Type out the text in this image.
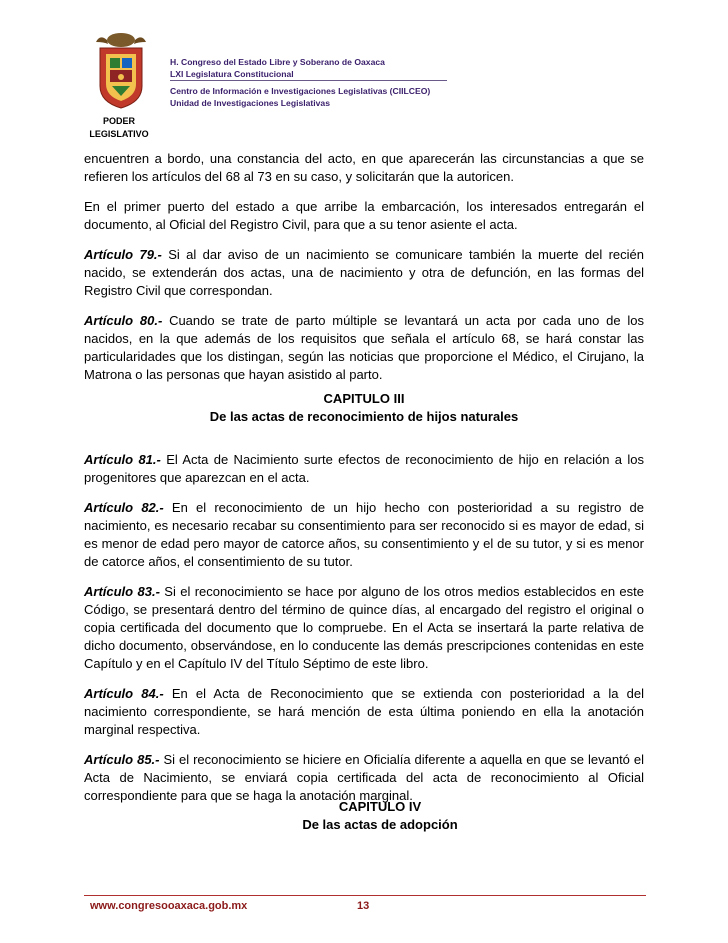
H. Congreso del Estado Libre y Soberano de Oaxaca
LXI Legislatura Constitucional
Centro de Información e Investigaciones Legislativas (CIILCEO)
Unidad de Investigaciones Legislativas
PODER
LEGISLATIVO

encuentren a bordo, una constancia del acto, en que aparecerán las circunstancias a que se refieren los artículos del 68 al 73 en su caso, y solicitarán que la autoricen.

En el primer puerto del estado a que arribe la embarcación, los interesados entregarán el documento, al Oficial del Registro Civil, para que a su tenor asiente el acta.

Artículo 79.- Si al dar aviso de un nacimiento se comunicare también la muerte del recién nacido, se extenderán dos actas, una de nacimiento y otra de defunción, en las formas del Registro Civil que correspondan.

Artículo 80.- Cuando se trate de parto múltiple se levantará un acta por cada uno de los nacidos, en la que además de los requisitos que señala el artículo 68, se hará constar las particularidades que los distingan, según las noticias que proporcione el Médico, el Cirujano, la Matrona o las personas que hayan asistido al parto.

CAPITULO III
De las actas de reconocimiento de hijos naturales

Artículo 81.- El Acta de Nacimiento surte efectos de reconocimiento de hijo en relación a los progenitores que aparezcan en el acta.

Artículo 82.- En el reconocimiento de un hijo hecho con posterioridad a su registro de nacimiento, es necesario recabar su consentimiento para ser reconocido si es mayor de edad, si es menor de edad pero mayor de catorce años, su consentimiento y el de su tutor, y si es menor de catorce años, el consentimiento de su tutor.

Artículo 83.- Si el reconocimiento se hace por alguno de los otros medios establecidos en este Código, se presentará dentro del término de quince días, al encargado del registro el original o copia certificada del documento que lo compruebe. En el Acta se insertará la parte relativa de dicho documento, observándose, en lo conducente las demás prescripciones contenidas en este Capítulo y en el Capítulo IV del Título Séptimo de este libro.

Artículo 84.- En el Acta de Reconocimiento que se extienda con posterioridad a la del nacimiento correspondiente, se hará mención de esta última poniendo en ella la anotación marginal respectiva.

Artículo 85.- Si el reconocimiento se hiciere en Oficialía diferente a aquella en que se levantó el Acta de Nacimiento, se enviará copia certificada del acta de reconocimiento al Oficial correspondiente para que se haga la anotación marginal.

CAPITULO IV
De las actas de adopción
www.congresooaxaca.gob.mx	13
